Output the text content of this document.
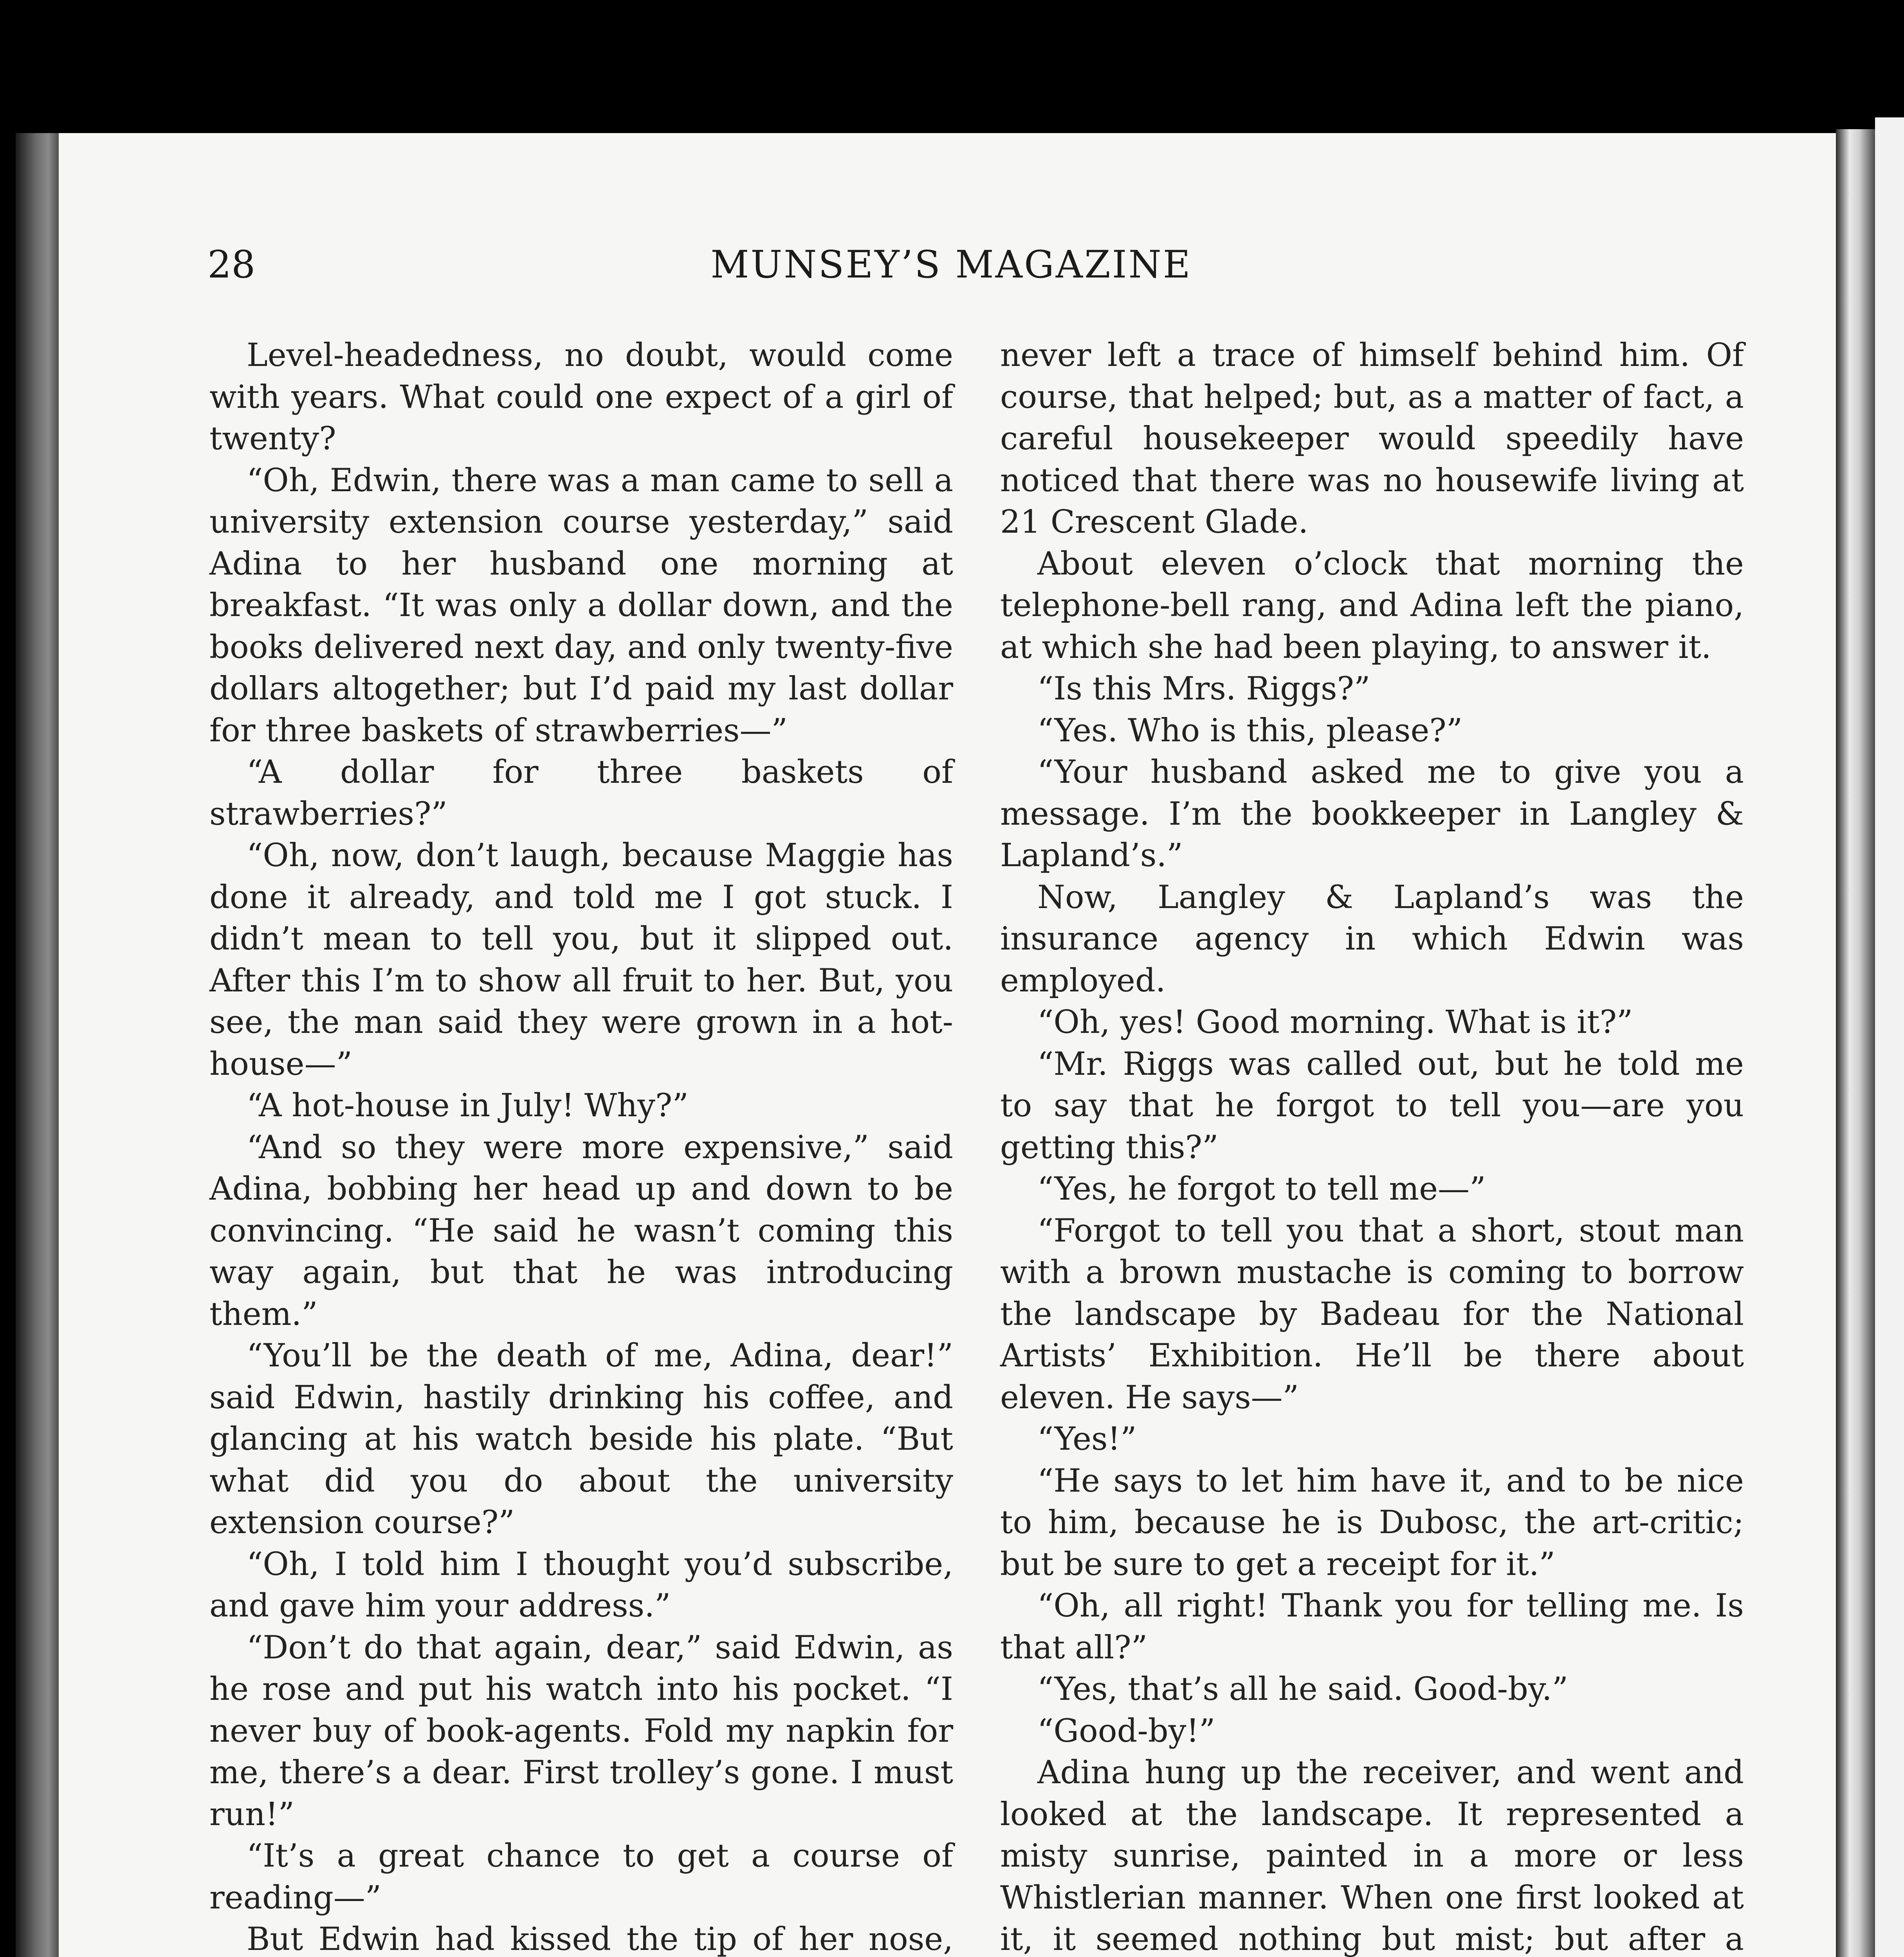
28	MUNSEY’S MAGAZINE

Level-headedness, no doubt, would come with years. What could one expect of a girl of twenty?

“Oh, Edwin, there was a man came to sell a university extension course yesterday,” said Adina to her husband one morning at breakfast. “It was only a dollar down, and the books delivered next day, and only twenty-five dollars altogether; but I’d paid my last dollar for three baskets of strawberries—”

“A dollar for three baskets of strawberries?”

“Oh, now, don’t laugh, because Maggie has done it already, and told me I got stuck. I didn’t mean to tell you, but it slipped out. After this I’m to show all fruit to her. But, you see, the man said they were grown in a hot-house—”

“A hot-house in July! Why?”

“And so they were more expensive,” said Adina, bobbing her head up and down to be convincing. “He said he wasn’t coming this way again, but that he was introducing them.”

“You’ll be the death of me, Adina, dear!” said Edwin, hastily drinking his coffee, and glancing at his watch beside his plate. “But what did you do about the university extension course?”

“Oh, I told him I thought you’d subscribe, and gave him your address.”

“Don’t do that again, dear,” said Edwin, as he rose and put his watch into his pocket. “I never buy of book-agents. Fold my napkin for me, there’s a dear. First trolley’s gone. I must run!”

“It’s a great chance to get a course of reading—”

But Edwin had kissed the tip of her nose,

never left a trace of himself behind him. Of course, that helped; but, as a matter of fact, a careful housekeeper would speedily have noticed that there was no housewife living at 21 Crescent Glade.

About eleven o’clock that morning the telephone-bell rang, and Adina left the piano, at which she had been playing, to answer it.

“Is this Mrs. Riggs?”

“Yes. Who is this, please?”

“Your husband asked me to give you a message. I’m the bookkeeper in Langley & Lapland’s.”

Now, Langley & Lapland’s was the insurance agency in which Edwin was employed.

“Oh, yes! Good morning. What is it?”

“Mr. Riggs was called out, but he told me to say that he forgot to tell you—are you getting this?”

“Yes, he forgot to tell me—”

“Forgot to tell you that a short, stout man with a brown mustache is coming to borrow the landscape by Badeau for the National Artists’ Exhibition. He’ll be there about eleven. He says—”

“Yes!”

“He says to let him have it, and to be nice to him, because he is Dubosc, the art-critic; but be sure to get a receipt for it.”

“Oh, all right! Thank you for telling me. Is that all?”

“Yes, that’s all he said. Good-by.”

“Good-by!”

Adina hung up the receiver, and went and looked at the landscape. It represented a misty sunrise, painted in a more or less Whistlerian manner. When one first looked at it, it seemed nothing but mist; but after a
